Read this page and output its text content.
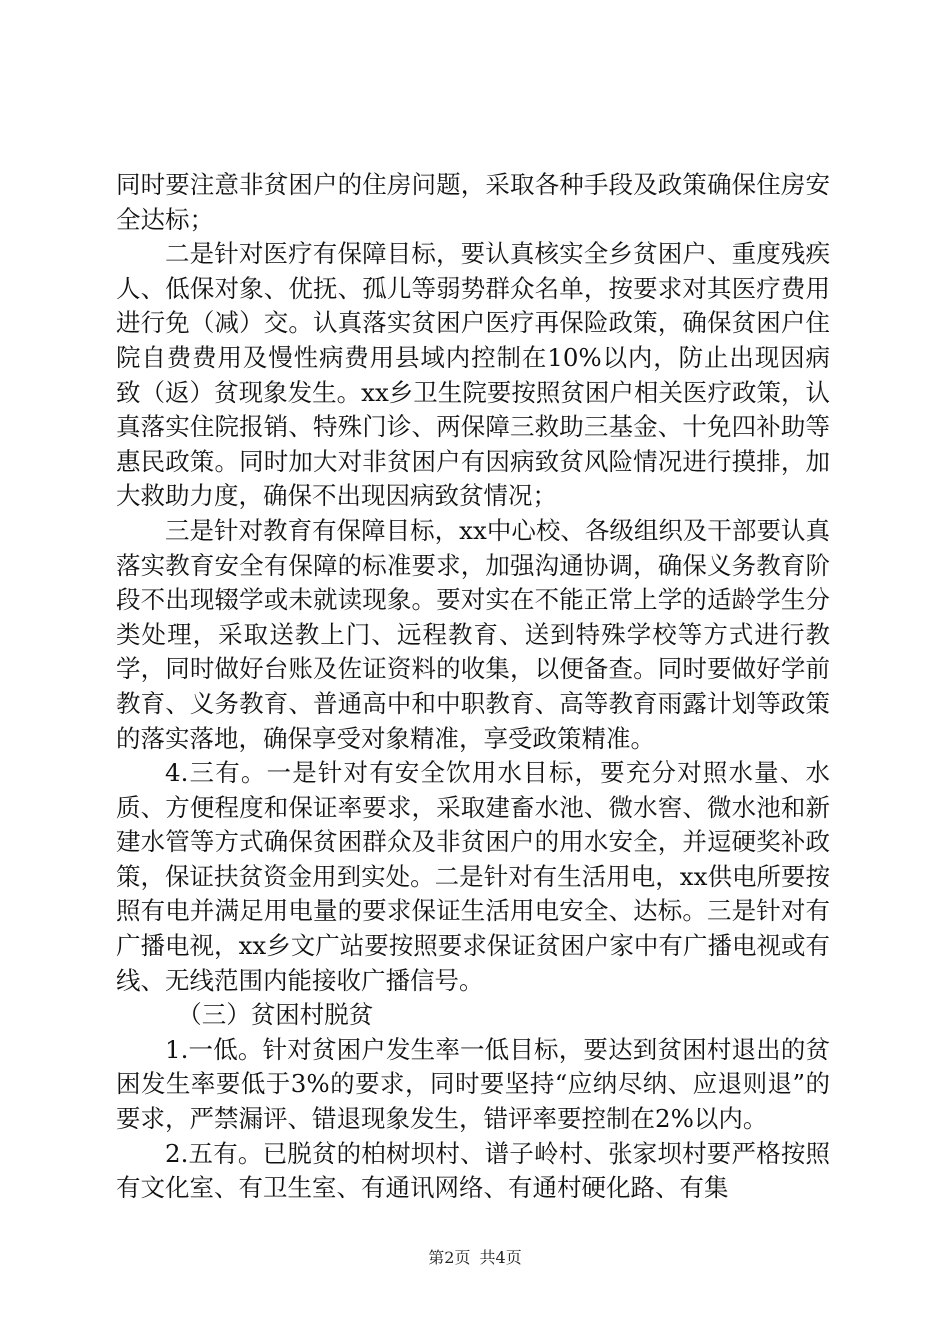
同时要注意非贫困户的住房问题，采取各种手段及政策确保住房安全达标；

二是针对医疗有保障目标，要认真核实全乡贫困户、重度残疾人、低保对象、优抚、孤儿等弱势群众名单，按要求对其医疗费用进行免（减）交。认真落实贫困户医疗再保险政策，确保贫困户住院自费费用及慢性病费用县域内控制在10%以内，防止出现因病致（返）贫现象发生。xx乡卫生院要按照贫困户相关医疗政策，认真落实住院报销、特殊门诊、两保障三救助三基金、十免四补助等惠民政策。同时加大对非贫困户有因病致贫风险情况进行摸排，加大救助力度，确保不出现因病致贫情况；

三是针对教育有保障目标，xx中心校、各级组织及干部要认真落实教育安全有保障的标准要求，加强沟通协调，确保义务教育阶段不出现辍学或未就读现象。要对实在不能正常上学的适龄学生分类处理，采取送教上门、远程教育、送到特殊学校等方式进行教学，同时做好台账及佐证资料的收集，以便备查。同时要做好学前教育、义务教育、普通高中和中职教育、高等教育雨露计划等政策的落实落地，确保享受对象精准，享受政策精准。

4.三有。一是针对有安全饮用水目标，要充分对照水量、水质、方便程度和保证率要求，采取建畜水池、微水窖、微水池和新建水管等方式确保贫困群众及非贫困户的用水安全，并逗硬奖补政策，保证扶贫资金用到实处。二是针对有生活用电，xx供电所要按照有电并满足用电量的要求保证生活用电安全、达标。三是针对有广播电视，xx乡文广站要按照要求保证贫困户家中有广播电视或有线、无线范围内能接收广播信号。

（三）贫困村脱贫

1.一低。针对贫困户发生率一低目标，要达到贫困村退出的贫困发生率要低于3%的要求，同时要坚持“应纳尽纳、应退则退”的要求，严禁漏评、错退现象发生，错评率要控制在2%以内。

2.五有。已脱贫的柏树坝村、谱子岭村、张家坝村要严格按照有文化室、有卫生室、有通讯网络、有通村硬化路、有集

第2页 共4页
